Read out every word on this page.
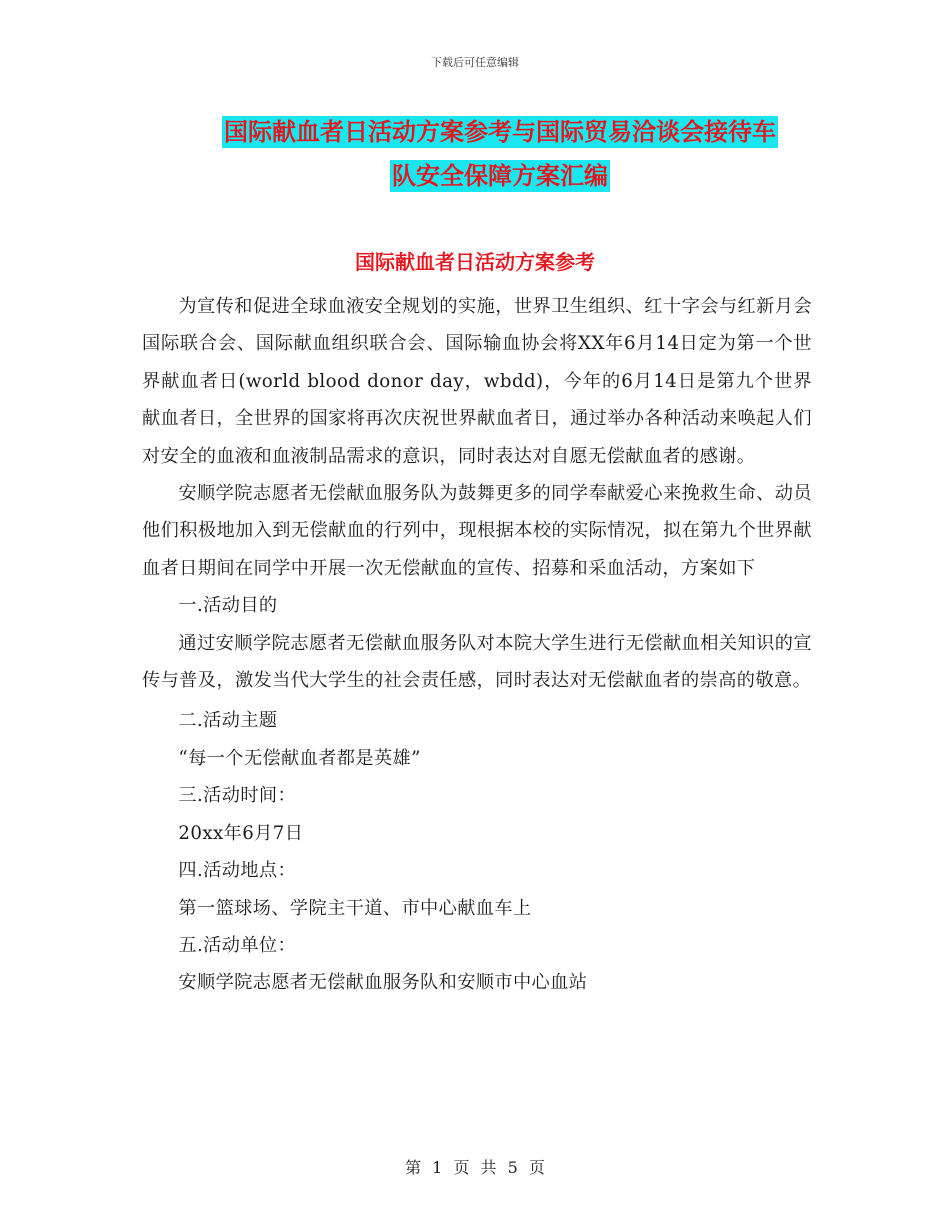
下载后可任意编辑
国际献血者日活动方案参考与国际贸易洽谈会接待车
队安全保障方案汇编
国际献血者日活动方案参考

为宣传和促进全球血液安全规划的实施，世界卫生组织、红十字会与红新月会国际联合会、国际献血组织联合会、国际输血协会将XX年6月14日定为第一个世界献血者日(world blood donor day，wbdd)，今年的6月14日是第九个世界献血者日，全世界的国家将再次庆祝世界献血者日，通过举办各种活动来唤起人们对安全的血液和血液制品需求的意识，同时表达对自愿无偿献血者的感谢。

安顺学院志愿者无偿献血服务队为鼓舞更多的同学奉献爱心来挽救生命、动员他们积极地加入到无偿献血的行列中，现根据本校的实际情况，拟在第九个世界献血者日期间在同学中开展一次无偿献血的宣传、招募和采血活动，方案如下

一.活动目的

通过安顺学院志愿者无偿献血服务队对本院大学生进行无偿献血相关知识的宣传与普及，激发当代大学生的社会责任感，同时表达对无偿献血者的崇高的敬意。

二.活动主题

“每一个无偿献血者都是英雄”

三.活动时间：

20xx年6月7日

四.活动地点：

第一篮球场、学院主干道、市中心献血车上

五.活动单位：

安顺学院志愿者无偿献血服务队和安顺市中心血站

第 1 页 共 5 页
